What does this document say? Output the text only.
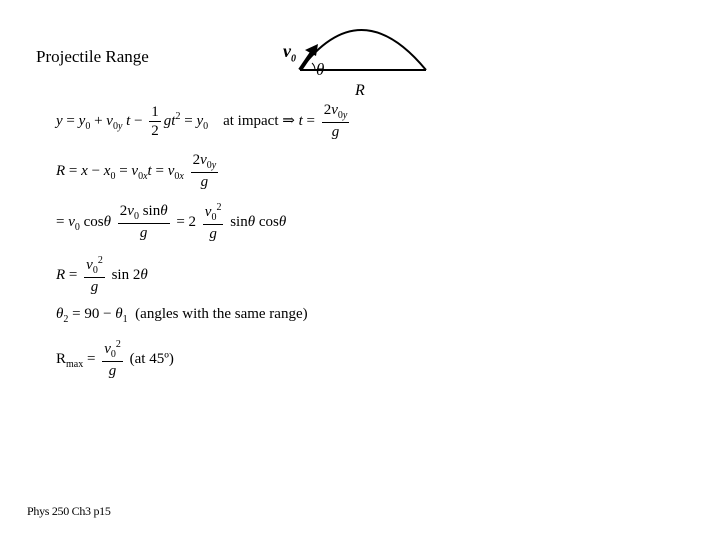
Projectile Range	$v_0$
θ
R
$y = y_0 + v_{0y}$ $t - \frac{1}{2} gt^2 = y_0$ at impact ⇒ $t = \frac{2v_{0y}}{g}$
$R = x - x_0 = v_{0x}t = v_{0x} \frac{2v_{0y}}{g}$
= $v_0$ cosθ $\frac{2v_0 \sin\theta}{g} = 2 \frac{v_0^2}{g}$ sinθ cosθ
$R = \frac{v_0^2}{g}$ sin 2θ
$\theta_2 = 90 - \theta_1$ (angles with the same range)
$R_{max} = \frac{v_0^2}{g} (at$ 45º)
Phys 250 Ch3 p15
